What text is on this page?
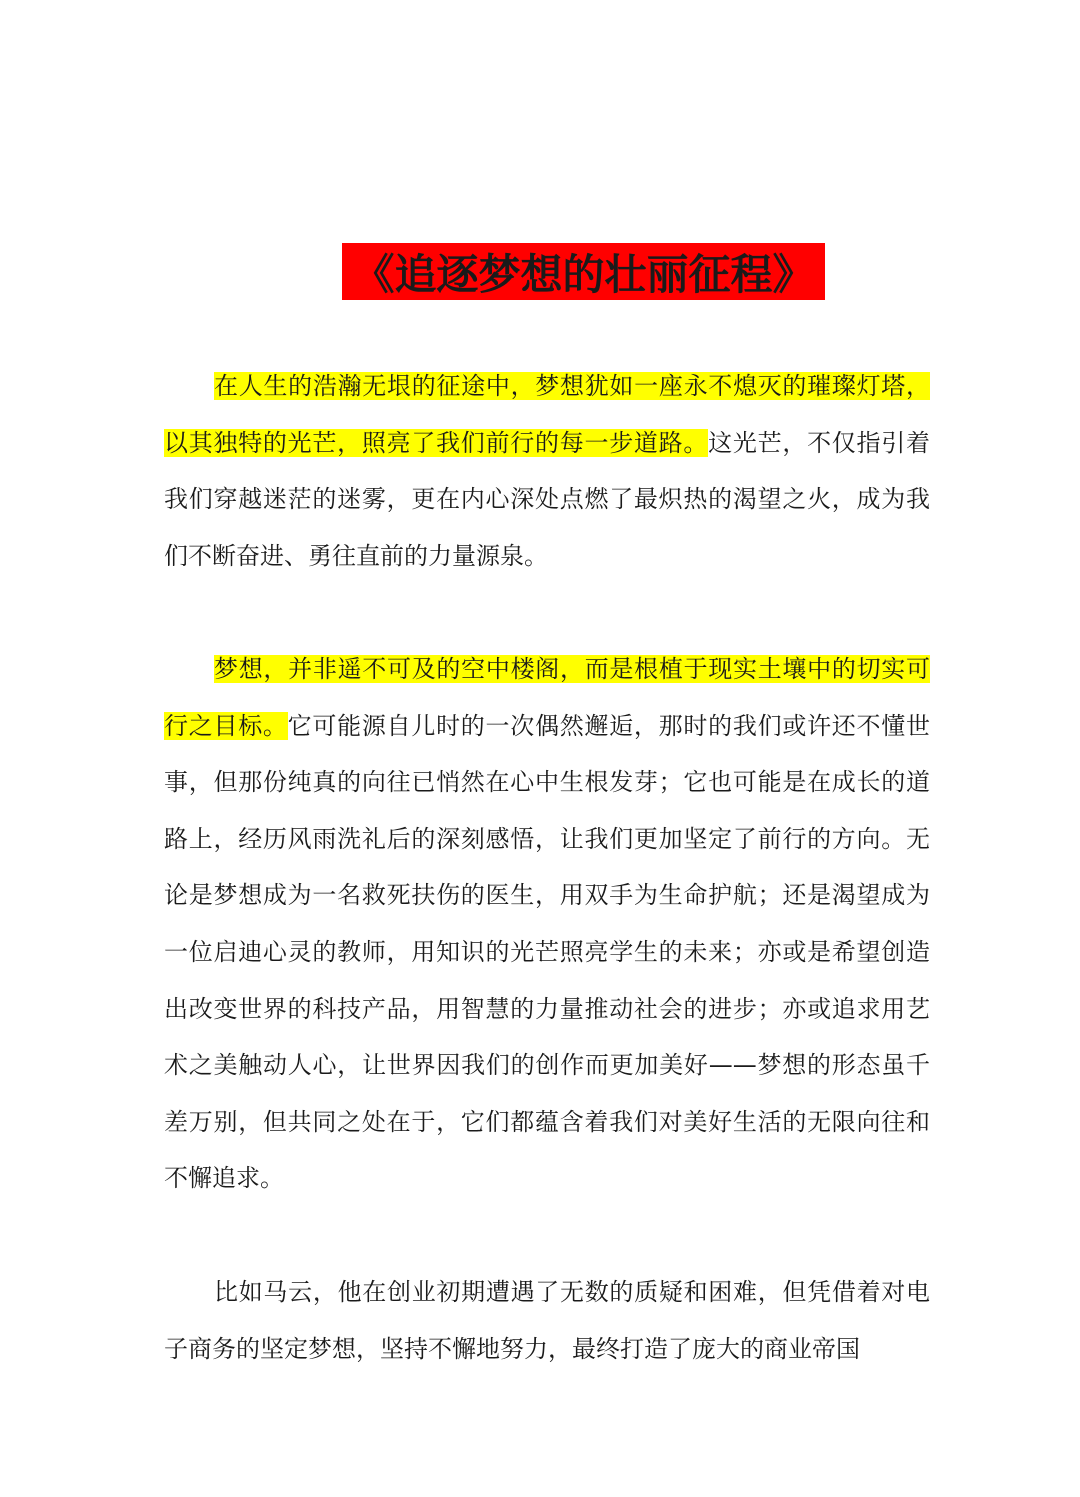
《追逐梦想的壮丽征程》

在人生的浩瀚无垠的征途中，梦想犹如一座永不熄灭的璀璨灯塔，以其独特的光芒，照亮了我们前行的每一步道路。这光芒，不仅指引着我们穿越迷茫的迷雾，更在内心深处点燃了最炽热的渴望之火，成为我们不断奋进、勇往直前的力量源泉。

梦想，并非遥不可及的空中楼阁，而是根植于现实土壤中的切实可行之目标。它可能源自儿时的一次偶然邂逅，那时的我们或许还不懂世事，但那份纯真的向往已悄然在心中生根发芽；它也可能是在成长的道路上，经历风雨洗礼后的深刻感悟，让我们更加坚定了前行的方向。无论是梦想成为一名救死扶伤的医生，用双手为生命护航；还是渴望成为一位启迪心灵的教师，用知识的光芒照亮学生的未来；亦或是希望创造出改变世界的科技产品，用智慧的力量推动社会的进步；亦或追求用艺术之美触动人心，让世界因我们的创作而更加美好——梦想的形态虽千差万别，但共同之处在于，它们都蕴含着我们对美好生活的无限向往和不懈追求。

比如马云，他在创业初期遭遇了无数的质疑和困难，但凭借着对电子商务的坚定梦想，坚持不懈地努力，最终打造了庞大的商业帝国
